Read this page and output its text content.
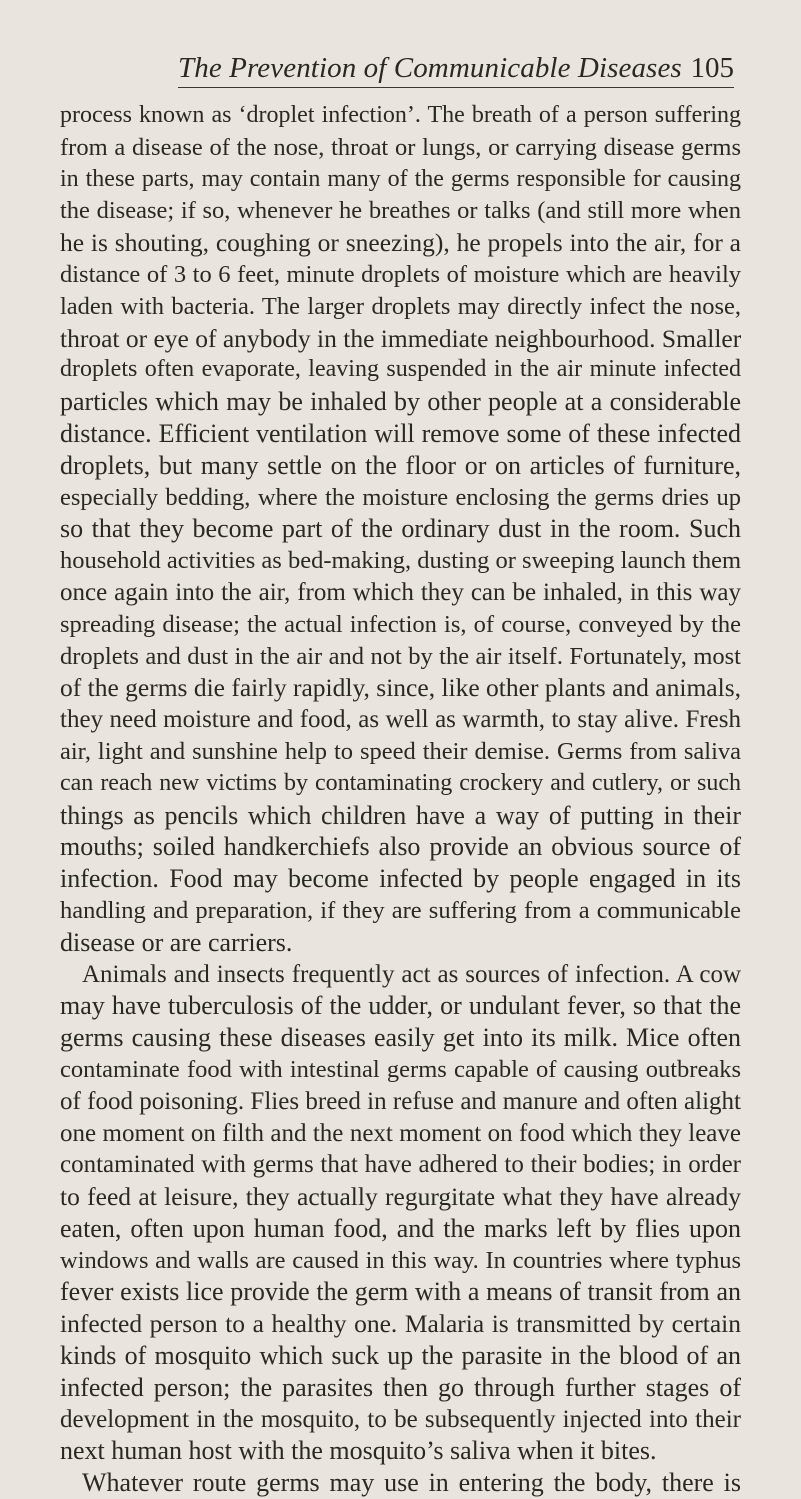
The Prevention of Communicable Diseases 105
process known as ‘droplet infection’. The breath of a person suffering
from a disease of the nose, throat or lungs, or carrying disease germs
in these parts, may contain many of the germs responsible for causing
the disease; if so, whenever he breathes or talks (and still more when
he is shouting, coughing or sneezing), he propels into the air, for a
distance of 3 to 6 feet, minute droplets of moisture which are heavily
laden with bacteria. The larger droplets may directly infect the nose,
throat or eye of anybody in the immediate neighbourhood. Smaller
droplets often evaporate, leaving suspended in the air minute infected
particles which may be inhaled by other people at a considerable
distance. Efficient ventilation will remove some of these infected
droplets, but many settle on the floor or on articles of furniture,
especially bedding, where the moisture enclosing the germs dries up
so that they become part of the ordinary dust in the room. Such
household activities as bed-making, dusting or sweeping launch them
once again into the air, from which they can be inhaled, in this way
spreading disease; the actual infection is, of course, conveyed by the
droplets and dust in the air and not by the air itself. Fortunately, most
of the germs die fairly rapidly, since, like other plants and animals,
they need moisture and food, as well as warmth, to stay alive. Fresh
air, light and sunshine help to speed their demise. Germs from saliva
can reach new victims by contaminating crockery and cutlery, or such
things as pencils which children have a way of putting in their
mouths; soiled handkerchiefs also provide an obvious source of
infection. Food may become infected by people engaged in its
handling and preparation, if they are suffering from a communicable
disease or are carriers.
Animals and insects frequently act as sources of infection. A cow
may have tuberculosis of the udder, or undulant fever, so that the
germs causing these diseases easily get into its milk. Mice often
contaminate food with intestinal germs capable of causing outbreaks
of food poisoning. Flies breed in refuse and manure and often alight
one moment on filth and the next moment on food which they leave
contaminated with germs that have adhered to their bodies; in order
to feed at leisure, they actually regurgitate what they have already
eaten, often upon human food, and the marks left by flies upon
windows and walls are caused in this way. In countries where typhus
fever exists lice provide the germ with a means of transit from an
infected person to a healthy one. Malaria is transmitted by certain
kinds of mosquito which suck up the parasite in the blood of an
infected person; the parasites then go through further stages of
development in the mosquito, to be subsequently injected into their
next human host with the mosquito’s saliva when it bites.
Whatever route germs may use in entering the body, there is
